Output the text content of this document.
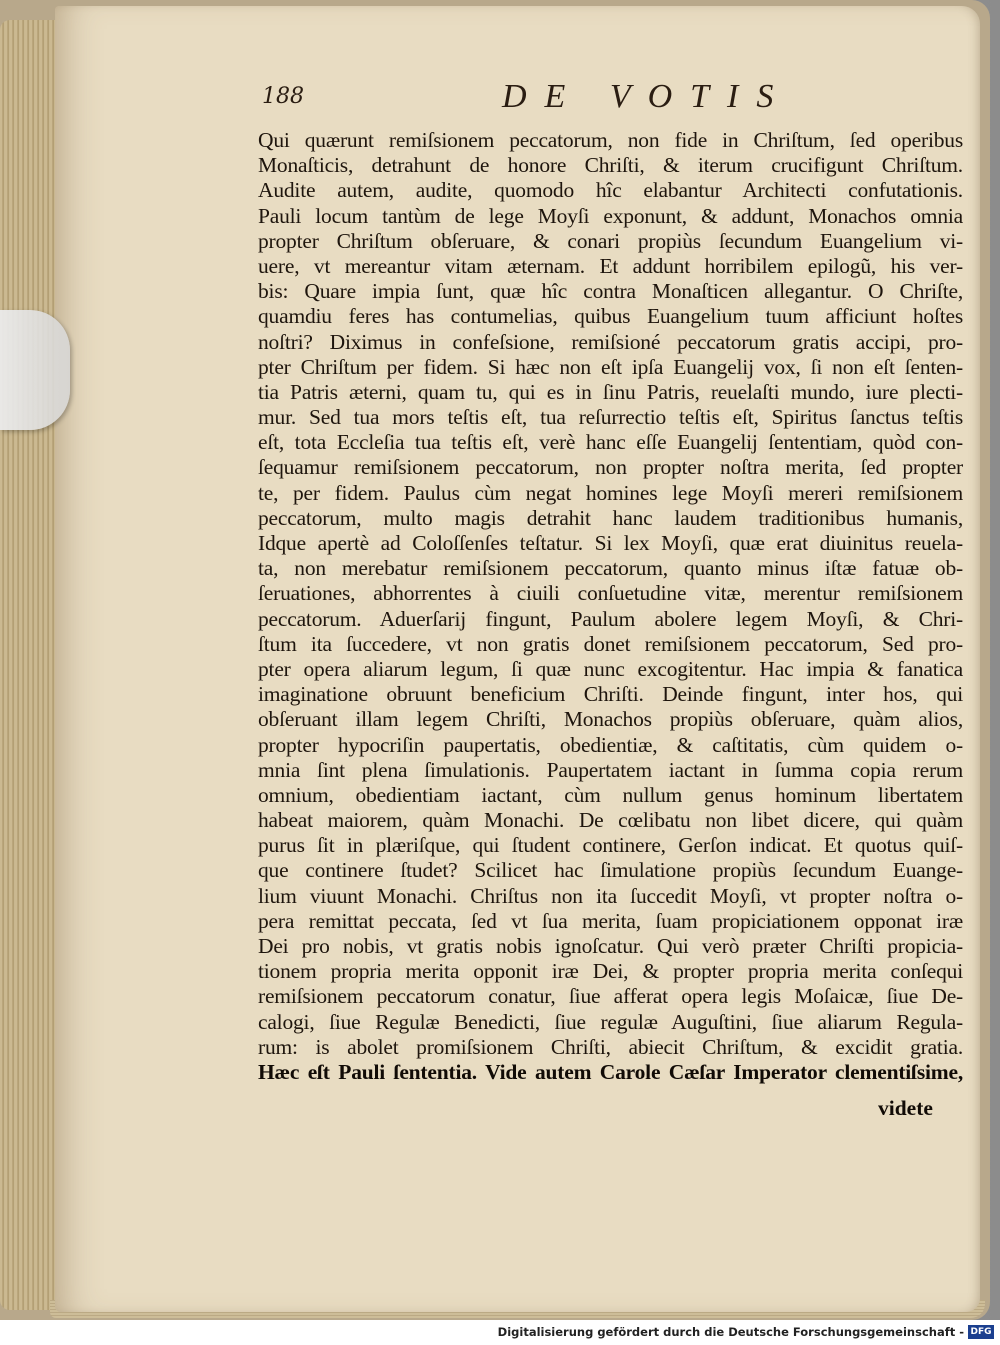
188	DE VOTIS
Qui quærunt remiſsionem peccatorum, non fide in Chriſtum, ſed operibus
Monaſticis, detrahunt de honore Chriſti, & iterum crucifigunt Chriſtum.
Audite autem, audite, quomodo hîc elabantur Architecti confutationis.
Pauli locum tantùm de lege Moyſi exponunt, & addunt, Monachos omnia
propter Chriſtum obſeruare, & conari propiùs ſecundum Euangelium vi-
uere, vt mereantur vitam æternam. Et addunt horribilem epilogũ, his ver-
bis: Quare impia ſunt, quæ hîc contra Monaſticen allegantur. O Chriſte,
quamdiu feres has contumelias, quibus Euangelium tuum afficiunt hoſtes
noſtri? Diximus in confeſsione, remiſsioné peccatorum gratis accipi, pro-
pter Chriſtum per fidem. Si hæc non eſt ipſa Euangelij vox, ſi non eſt ſenten-
tia Patris æterni, quam tu, qui es in ſinu Patris, reuelaſti mundo, iure plecti-
mur. Sed tua mors teſtis eſt, tua reſurrectio teſtis eſt, Spiritus ſanctus teſtis
eſt, tota Eccleſia tua teſtis eſt, verè hanc eſſe Euangelij ſententiam, quòd con-
ſequamur remiſsionem peccatorum, non propter noſtra merita, ſed propter
te, per fidem. Paulus cùm negat homines lege Moyſi mereri remiſsionem
peccatorum, multo magis detrahit hanc laudem traditionibus humanis,
Idque apertè ad Coloſſenſes teſtatur. Si lex Moyſi, quæ erat diuinitus reuela-
ta, non merebatur remiſsionem peccatorum, quanto minus iſtæ fatuæ ob-
ſeruationes, abhorrentes à ciuili conſuetudine vitæ, merentur remiſsionem
peccatorum. Aduerſarij fingunt, Paulum abolere legem Moyſi, & Chri-
ſtum ita ſuccedere, vt non gratis donet remiſsionem peccatorum, Sed pro-
pter opera aliarum legum, ſi quæ nunc excogitentur. Hac impia & fanatica
imaginatione obruunt beneficium Chriſti. Deinde fingunt, inter hos, qui
obſeruant illam legem Chriſti, Monachos propiùs obſeruare, quàm alios,
propter hypocriſin paupertatis, obedientiæ, & caſtitatis, cùm quidem o-
mnia ſint plena ſimulationis. Paupertatem iactant in ſumma copia rerum
omnium, obedientiam iactant, cùm nullum genus hominum libertatem
habeat maiorem, quàm Monachi. De cœlibatu non libet dicere, qui quàm
purus ſit in plæriſque, qui ſtudent continere, Gerſon indicat. Et quotus quiſ-
que continere ſtudet? Scilicet hac ſimulatione propiùs ſecundum Euange-
lium viuunt Monachi. Chriſtus non ita ſuccedit Moyſi, vt propter noſtra o-
pera remittat peccata, ſed vt ſua merita, ſuam propiciationem opponat iræ
Dei pro nobis, vt gratis nobis ignoſcatur. Qui verò præter Chriſti propicia-
tionem propria merita opponit iræ Dei, & propter propria merita conſequi
remiſsionem peccatorum conatur, ſiue afferat opera legis Moſaicæ, ſiue De-
calogi, ſiue Regulæ Benedicti, ſiue regulæ Auguſtini, ſiue aliarum Regula-
rum: is abolet promiſsionem Chriſti, abiecit Chriſtum, & excidit gratia.
Hæc eſt Pauli ſententia. Vide autem Carole Cæſar Imperator clementiſsime,
videte
Digitalisierung gefördert durch die Deutsche Forschungsgemeinschaft - DFG
